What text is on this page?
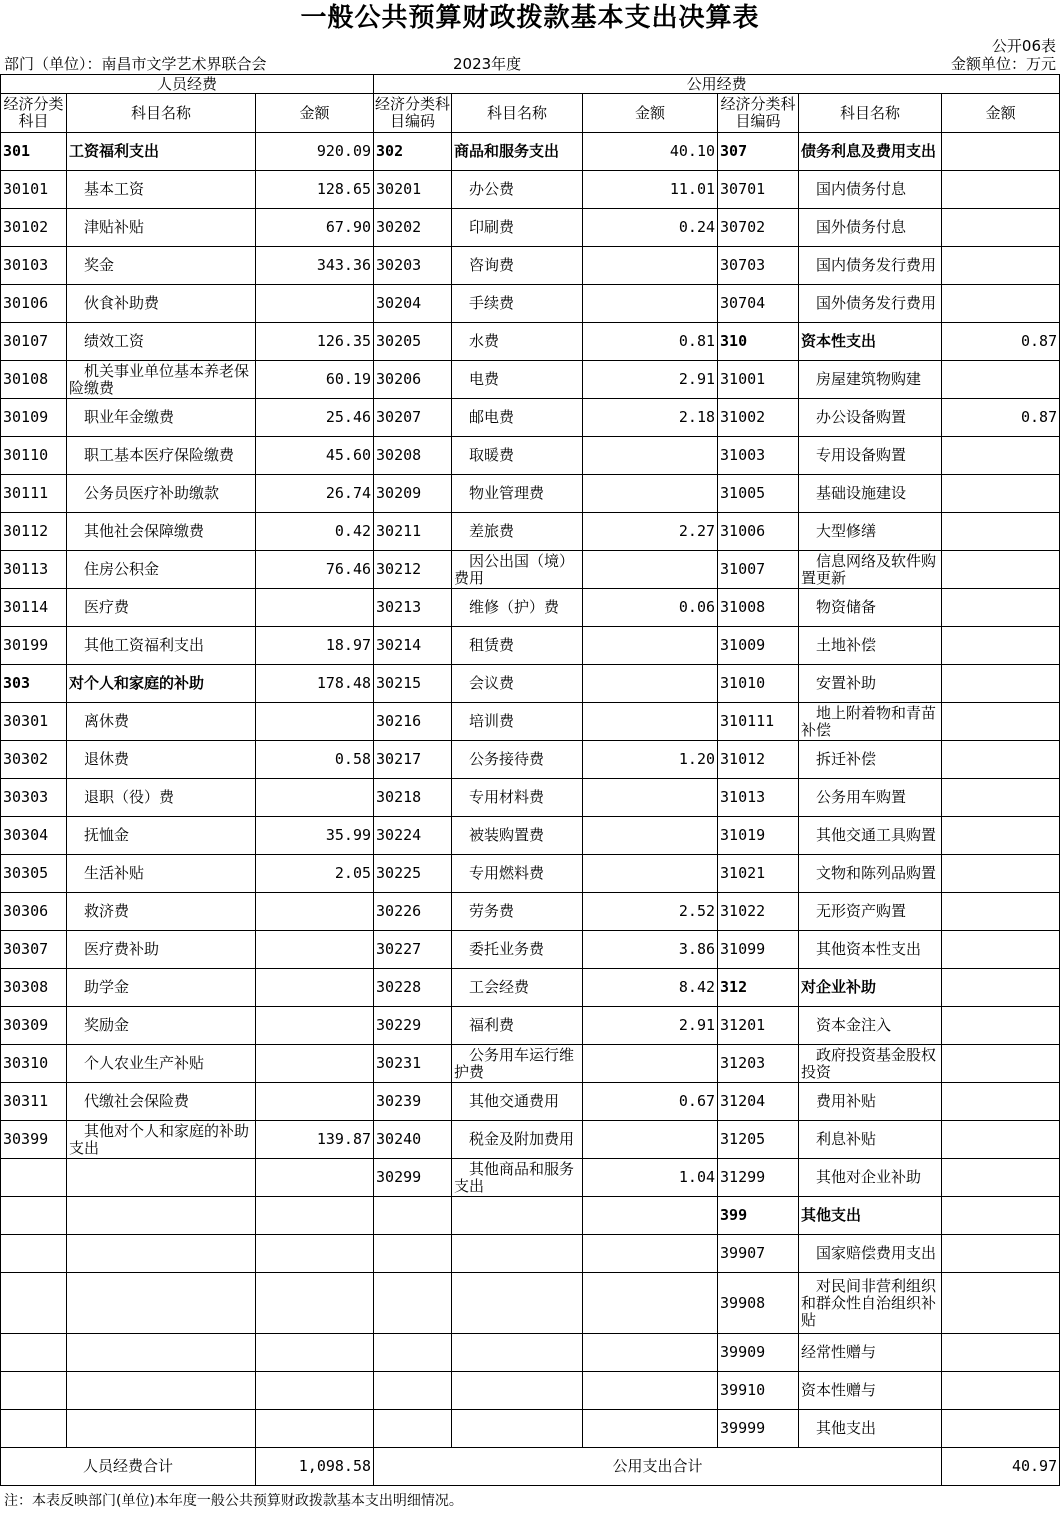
一般公共预算财政拨款基本支出决算表
公开06表
部门（单位）：南昌市文学艺术界联合会	2023年度	金额单位：万元
人员经费			公用经费					
经济分类科目	科目名称	金额	经济分类科目编码	科目名称	金额	经济分类科目编码	科目名称	金额
301	工资福利支出	920.09	302	商品和服务支出	40.10	307	债务利息及费用支出	
30101	基本工资	128.65	30201	办公费	11.01	30701	国内债务付息	
30102	津贴补贴	67.90	30202	印刷费	0.24	30702	国外债务付息	
30103	奖金	343.36	30203	咨询费		30703	国内债务发行费用	
30106	伙食补助费		30204	手续费		30704	国外债务发行费用	
30107	绩效工资	126.35	30205	水费	0.81	310	资本性支出	0.87
30108	机关事业单位基本养老保险缴费	60.19	30206	电费	2.91	31001	房屋建筑物购建	
30109	职业年金缴费	25.46	30207	邮电费	2.18	31002	办公设备购置	0.87
30110	职工基本医疗保险缴费	45.60	30208	取暖费		31003	专用设备购置	
30111	公务员医疗补助缴款	26.74	30209	物业管理费		31005	基础设施建设	
30112	其他社会保障缴费	0.42	30211	差旅费	2.27	31006	大型修缮	
30113	住房公积金	76.46	30212	因公出国（境）费用		31007	信息网络及软件购置更新	
30114	医疗费		30213	维修（护）费	0.06	31008	物资储备	
30199	其他工资福利支出	18.97	30214	租赁费		31009	土地补偿	
303	对个人和家庭的补助	178.48	30215	会议费		31010	安置补助	
30301	离休费		30216	培训费		310111	地上附着物和青苗补偿	
30302	退休费	0.58	30217	公务接待费	1.20	31012	拆迁补偿	
30303	退职（役）费		30218	专用材料费		31013	公务用车购置	
30304	抚恤金	35.99	30224	被装购置费		31019	其他交通工具购置	
30305	生活补贴	2.05	30225	专用燃料费		31021	文物和陈列品购置	
30306	救济费		30226	劳务费	2.52	31022	无形资产购置	
30307	医疗费补助		30227	委托业务费	3.86	31099	其他资本性支出	
30308	助学金		30228	工会经费	8.42	312	对企业补助	
30309	奖励金		30229	福利费	2.91	31201	资本金注入	
30310	个人农业生产补贴		30231	公务用车运行维护费		31203	政府投资基金股权投资	
30311	代缴社会保险费		30239	其他交通费用	0.67	31204	费用补贴	
30399	其他对个人和家庭的补助支出	139.87	30240	税金及附加费用		31205	利息补贴	
			30299	其他商品和服务支出	1.04	31299	其他对企业补助	
						399	其他支出	
						39907	国家赔偿费用支出	
						39908	对民间非营利组织和群众性自治组织补贴	
						39909	经常性赠与	
						39910	资本性赠与	
						39999	其他支出	
人员经费合计		1,098.58	公用支出合计					40.97
注：本表反映部门(单位)本年度一般公共预算财政拨款基本支出明细情况。
